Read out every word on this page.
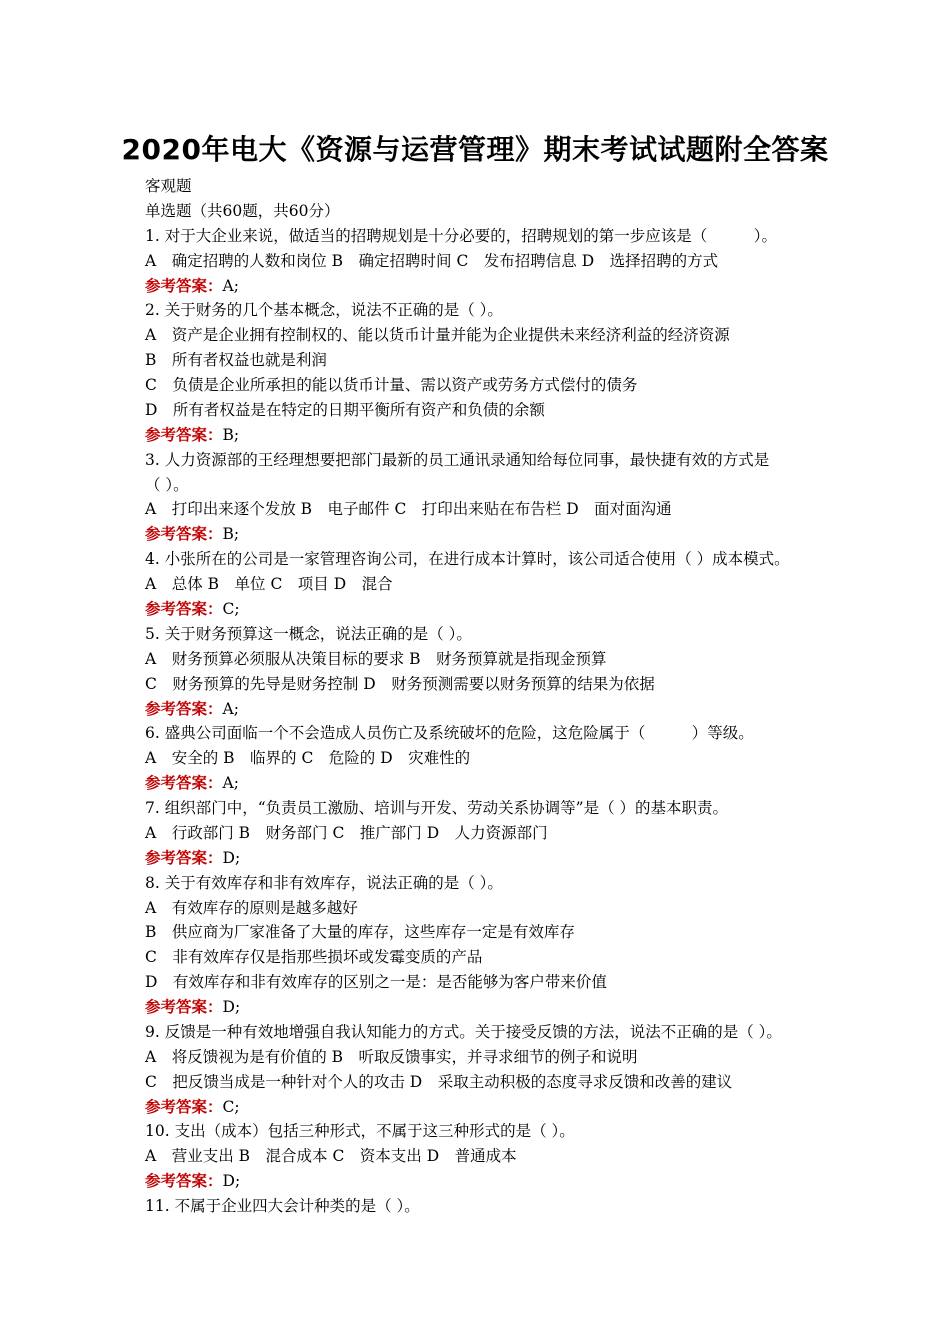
2020年电大《资源与运营管理》期末考试试题附全答案
客观题
单选题（共60题，共60分）
1. 对于大企业来说，做适当的招聘规划是十分必要的，招聘规划的第一步应该是（　　　）。
A　确定招聘的人数和岗位 B　确定招聘时间 C　发布招聘信息 D　选择招聘的方式
参考答案：A;
2. 关于财务的几个基本概念，说法不正确的是（ ）。
A　资产是企业拥有控制权的、能以货币计量并能为企业提供未来经济利益的经济资源
B　所有者权益也就是利润
C　负债是企业所承担的能以货币计量、需以资产或劳务方式偿付的债务
D　所有者权益是在特定的日期平衡所有资产和负债的余额
参考答案：B;
3. 人力资源部的王经理想要把部门最新的员工通讯录通知给每位同事，最快捷有效的方式是
（ ）。
A　打印出来逐个发放 B　电子邮件 C　打印出来贴在布告栏 D　面对面沟通
参考答案：B;
4. 小张所在的公司是一家管理咨询公司，在进行成本计算时，该公司适合使用（ ）成本模式。
A　总体 B　单位 C　项目 D　混合
参考答案：C;
5. 关于财务预算这一概念，说法正确的是（ ）。
A　财务预算必须服从决策目标的要求 B　财务预算就是指现金预算
C　财务预算的先导是财务控制 D　财务预测需要以财务预算的结果为依据
参考答案：A;
6. 盛典公司面临一个不会造成人员伤亡及系统破坏的危险，这危险属于（　　　）等级。
A　安全的 B　临界的 C　危险的 D　灾难性的
参考答案：A;
7. 组织部门中，“负责员工激励、培训与开发、劳动关系协调等”是（ ）的基本职责。
A　行政部门 B　财务部门 C　推广部门 D　人力资源部门
参考答案：D;
8. 关于有效库存和非有效库存，说法正确的是（ ）。
A　有效库存的原则是越多越好
B　供应商为厂家准备了大量的库存，这些库存一定是有效库存
C　非有效库存仅是指那些损坏或发霉变质的产品
D　有效库存和非有效库存的区别之一是：是否能够为客户带来价值
参考答案：D;
9. 反馈是一种有效地增强自我认知能力的方式。关于接受反馈的方法，说法不正确的是（ ）。
A　将反馈视为是有价值的 B　听取反馈事实，并寻求细节的例子和说明
C　把反馈当成是一种针对个人的攻击 D　采取主动积极的态度寻求反馈和改善的建议
参考答案：C;
10. 支出（成本）包括三种形式，不属于这三种形式的是（ ）。
A　营业支出 B　混合成本 C　资本支出 D　普通成本
参考答案：D;
11. 不属于企业四大会计种类的是（ ）。
